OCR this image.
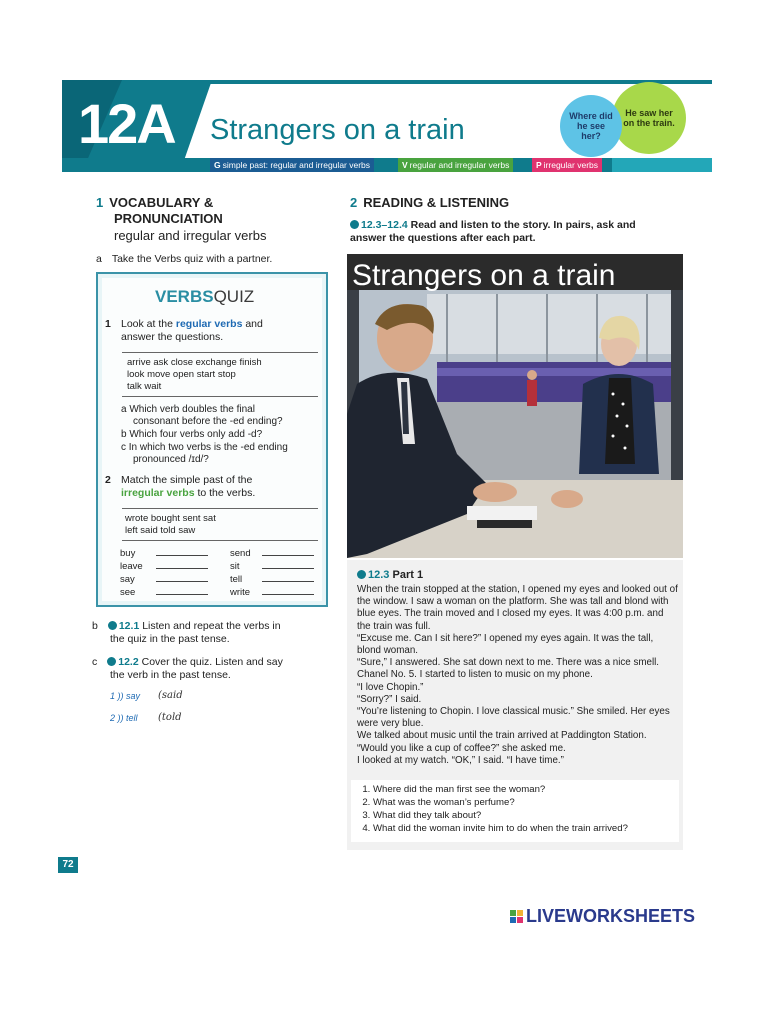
12A Strangers on a train
He saw her on the train.
Where did he see her?
G simple past: regular and irregular verbs	V regular and irregular verbs	P irregular verbs
1 VOCABULARY &
PRONUNCIATION
regular and irregular verbs
a Take the Verbs quiz with a partner.
VERBSQUIZ
1 Look at the regular verbs and
answer the questions.
arrive ask close exchange finish
look move open start stop
talk wait
a Which verb doubles the final
consonant before the -ed ending?
b Which four verbs only add -d?
c In which two verbs is the -ed ending
pronounced /ɪd/?
2 Match the simple past of the
irregular verbs to the verbs.
wrote bought sent sat
left said told saw
buy
leave
say
see
send
sit
tell
write
b 12.1 Listen and repeat the verbs in
the quiz in the past tense.
c 12.2 Cover the quiz. Listen and say
the verb in the past tense.
1 )) say (said
2 )) tell (told
72
2 READING & LISTENING
12.3–12.4 Read and listen to the story. In pairs, ask and
answer the questions after each part.
Strangers on a train
12.3 Part 1

When the train stopped at the station, I opened my eyes and looked out of the window. I saw a woman on the platform. She was tall and blond with blue eyes. The train moved and I closed my eyes. It was 4:00 p.m. and the train was full.

“Excuse me. Can I sit here?” I opened my eyes again. It was the tall, blond woman.

“Sure,” I answered. She sat down next to me. There was a nice smell. Chanel No. 5. I started to listen to music on my phone.

“I love Chopin.”

“Sorry?” I said.

“You’re listening to Chopin. I love classical music.” She smiled. Her eyes were very blue.

We talked about music until the train arrived at Paddington Station. “Would you like a cup of coffee?” she asked me.

I looked at my watch. “OK,” I said. “I have time.”

1. Where did the man first see the woman?
2. What was the woman’s perfume?
3. What did they talk about?
4. What did the woman invite him to do when the train arrived?
LIVEWORKSHEETS
